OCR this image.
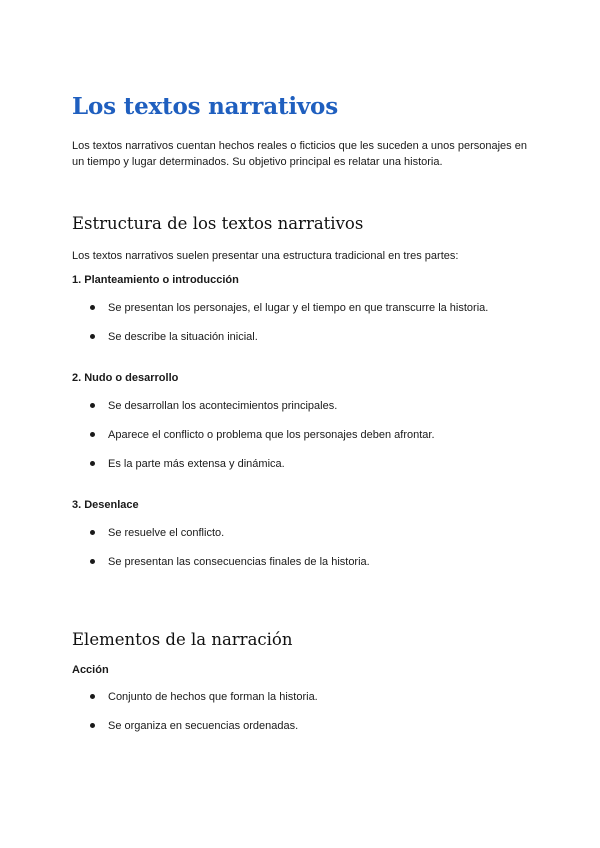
Los textos narrativos

Los textos narrativos cuentan hechos reales o ficticios que les suceden a unos personajes en un tiempo y lugar determinados. Su objetivo principal es relatar una historia.

Estructura de los textos narrativos

Los textos narrativos suelen presentar una estructura tradicional en tres partes:

1. Planteamiento o introducción
Se presentan los personajes, el lugar y el tiempo en que transcurre la historia.
Se describe la situación inicial.
2. Nudo o desarrollo
Se desarrollan los acontecimientos principales.
Aparece el conflicto o problema que los personajes deben afrontar.
Es la parte más extensa y dinámica.
3. Desenlace
Se resuelve el conflicto.
Se presentan las consecuencias finales de la historia.
Elementos de la narración
Acción
Conjunto de hechos que forman la historia.
Se organiza en secuencias ordenadas.
